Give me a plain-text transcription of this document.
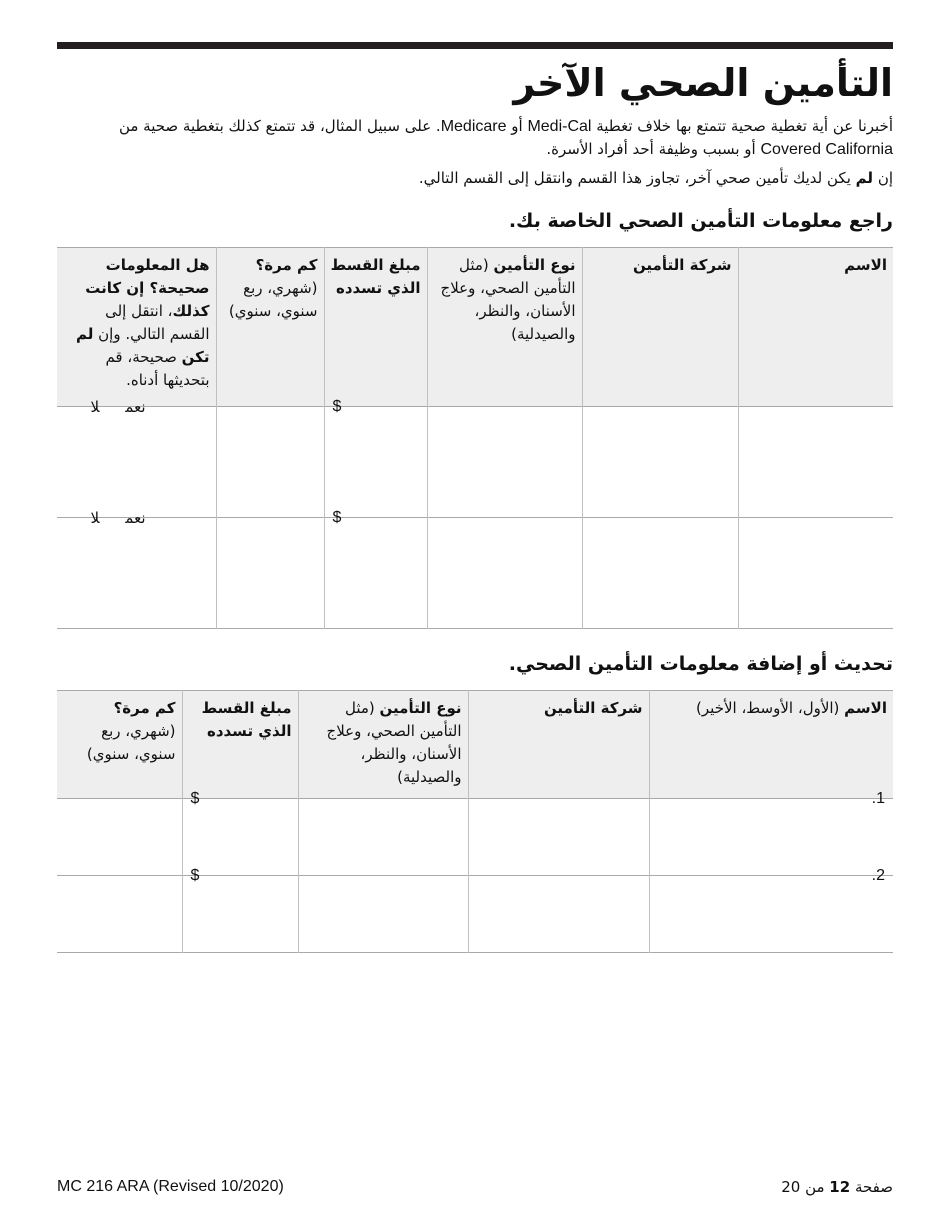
التأمين الصحي الآخر

أخبرنا عن أية تغطية صحية تتمتع بها خلاف تغطية Medi-Cal أو Medicare. على سبيل المثال، قد تتمتع كذلك بتغطية صحية من Covered California أو بسبب وظيفة أحد أفراد الأسرة.

إن لم يكن لديك تأمين صحي آخر، تجاوز هذا القسم وانتقل إلى القسم التالي.

راجع معلومات التأمين الصحي الخاصة بك.
الاسم	شركة التأمين	نوع التأمين (مثل التأمين الصحي، وعلاج الأسنان، والنظر، والصيدلية)	مبلغ القسط الذي تسدده	كم مرة؟ (شهري، ربع سنوي، سنوي)	هل المعلومات صحيحة؟ إن كانت كذلك، انتقل إلى القسم التالي. وإن لم تكن صحيحة، قم بتحديثها أدناه.

			$		نعملا

			$		نعملا
تحديث أو إضافة معلومات التأمين الصحي.
الاسم (الأول، الأوسط، الأخير)	شركة التأمين	نوع التأمين (مثل التأمين الصحي، وعلاج الأسنان، والنظر، والصيدلية)	مبلغ القسط الذي تسدده	كم مرة؟ (شهري، ربع سنوي، سنوي)

1.			$	

2.			$	

MC 216 ARA (Revised 10/2020)	صفحة 12 من 20
